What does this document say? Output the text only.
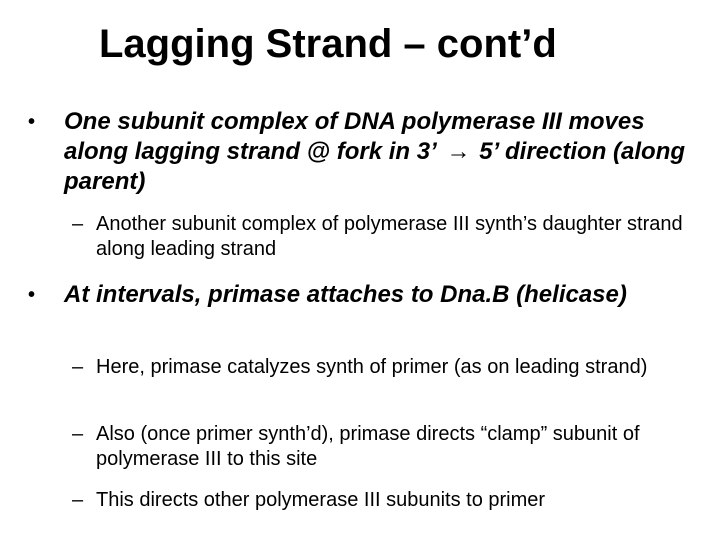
Lagging Strand – cont’d
• One subunit complex of DNA polymerase III moves along lagging strand @ fork in 3’ → 5’ direction (along parent)
– Another subunit complex of polymerase III synth’s daughter strand along leading strand
• At intervals, primase attaches to Dna.B (helicase)
– Here, primase catalyzes synth of primer (as on leading strand)
– Also (once primer synth’d), primase directs “clamp” subunit of polymerase III to this site
– This directs other polymerase III subunits to primer
